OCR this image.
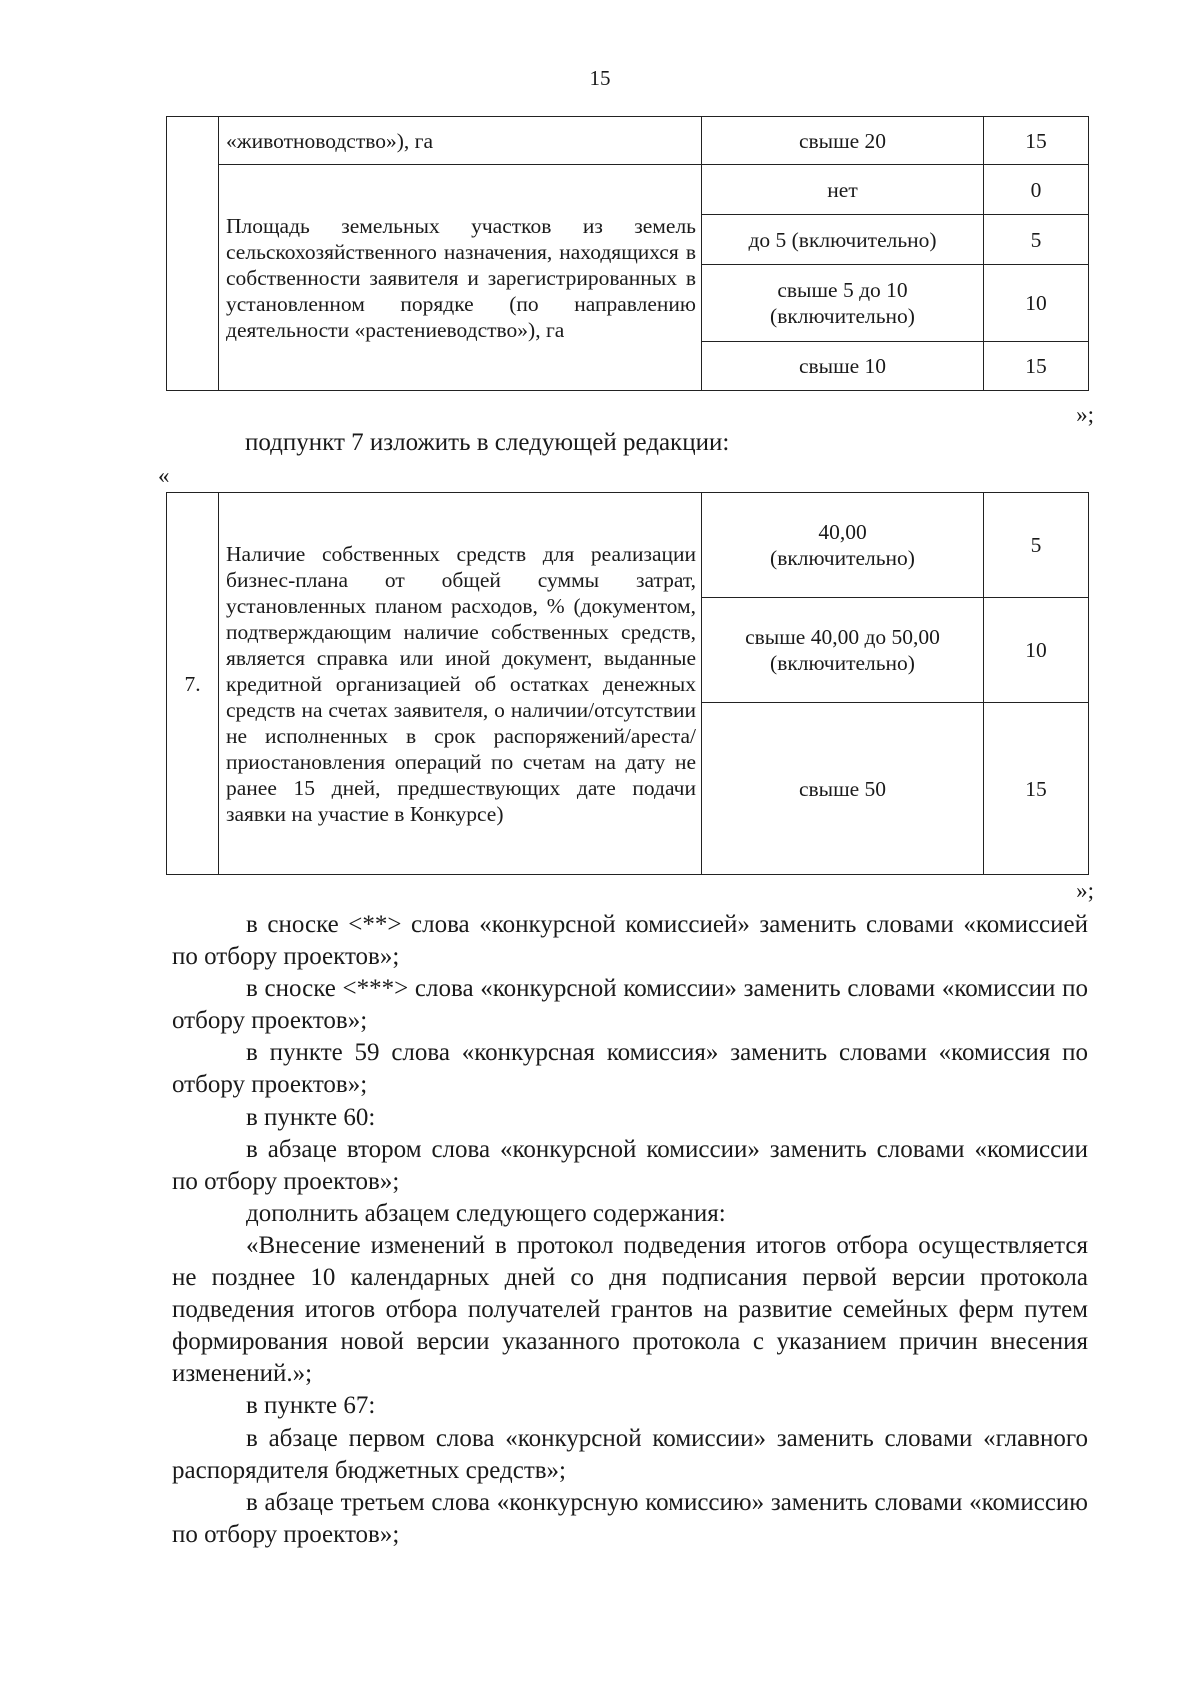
15
	«животноводство»), га	свыше 20	15
	Площадь земельных участков из земель сельскохозяйственного назначения, находящихся в собственности заявителя и зарегистрированных в установленном порядке (по направлению деятельности «растениеводство»), га	нет	0
		до 5 (включительно)	5
		свыше 5 до 10 (включительно)	10
		свыше 10	15
»;
подпункт 7 изложить в следующей редакции:
«
7.	Наличие собственных средств для реализации бизнес-плана от общей суммы затрат, установленных планом расходов, % (документом, подтверждающим наличие собственных средств, является справка или иной документ, выданные кредитной организацией об остатках денежных средств на счетах заявителя, о наличии/отсутствии не исполненных в срок распоряжений/ареста/приостановления операций по счетам на дату не ранее 15 дней, предшествующих дате подачи заявки на участие в Конкурсе)	40,00 (включительно)	5
		свыше 40,00 до 50,00 (включительно)	10
		свыше 50	15
»;

в сноске <**> слова «конкурсной комиссией» заменить словами «комиссией по отбору проектов»;

в сноске <***> слова «конкурсной комиссии» заменить словами «комиссии по отбору проектов»;

в пункте 59 слова «конкурсная комиссия» заменить словами «комиссия по отбору проектов»;

в пункте 60:

в абзаце втором слова «конкурсной комиссии» заменить словами «комиссии по отбору проектов»;

дополнить абзацем следующего содержания:

«Внесение изменений в протокол подведения итогов отбора осуществляется не позднее 10 календарных дней со дня подписания первой версии протокола подведения итогов отбора получателей грантов на развитие семейных ферм путем формирования новой версии указанного протокола с указанием причин внесения изменений.»;

в пункте 67:

в абзаце первом слова «конкурсной комиссии» заменить словами «главного распорядителя бюджетных средств»;

в абзаце третьем слова «конкурсную комиссию» заменить словами «комиссию по отбору проектов»;
